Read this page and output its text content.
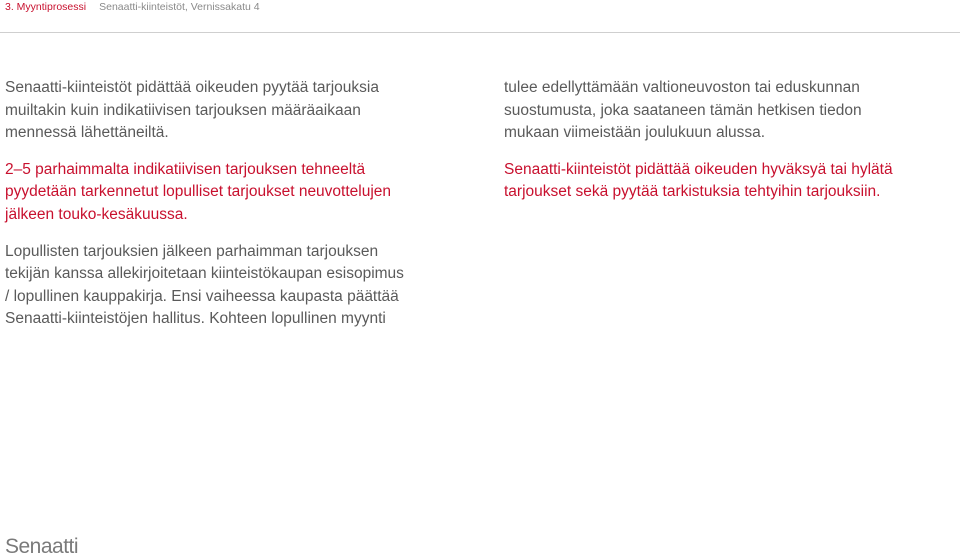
3. Myyntiprosessi Senaatti-kiinteistöt, Vernissakatu 4

Senaatti-kiinteistöt pidättää oikeuden pyytää tarjouksia
muiltakin kuin indikatiivisen tarjouksen määräaikaan
mennessä lähettäneiltä.

2–5 parhaimmalta indikatiivisen tarjouksen tehneeltä
pyydetään tarkennetut lopulliset tarjoukset neuvottelujen
jälkeen touko-kesäkuussa.

Lopullisten tarjouksien jälkeen parhaimman tarjouksen
tekijän kanssa allekirjoitetaan kiinteistökaupan esisopimus
/ lopullinen kauppakirja. Ensi vaiheessa kaupasta päättää
Senaatti-kiinteistöjen hallitus. Kohteen lopullinen myynti

tulee edellyttämään valtioneuvoston tai eduskunnan
suostumusta, joka saataneen tämän hetkisen tiedon
mukaan viimeistään joulukuun alussa.

Senaatti-kiinteistöt pidättää oikeuden hyväksyä tai hylätä
tarjoukset sekä pyytää tarkistuksia tehtyihin tarjouksiin.

Senaatti
